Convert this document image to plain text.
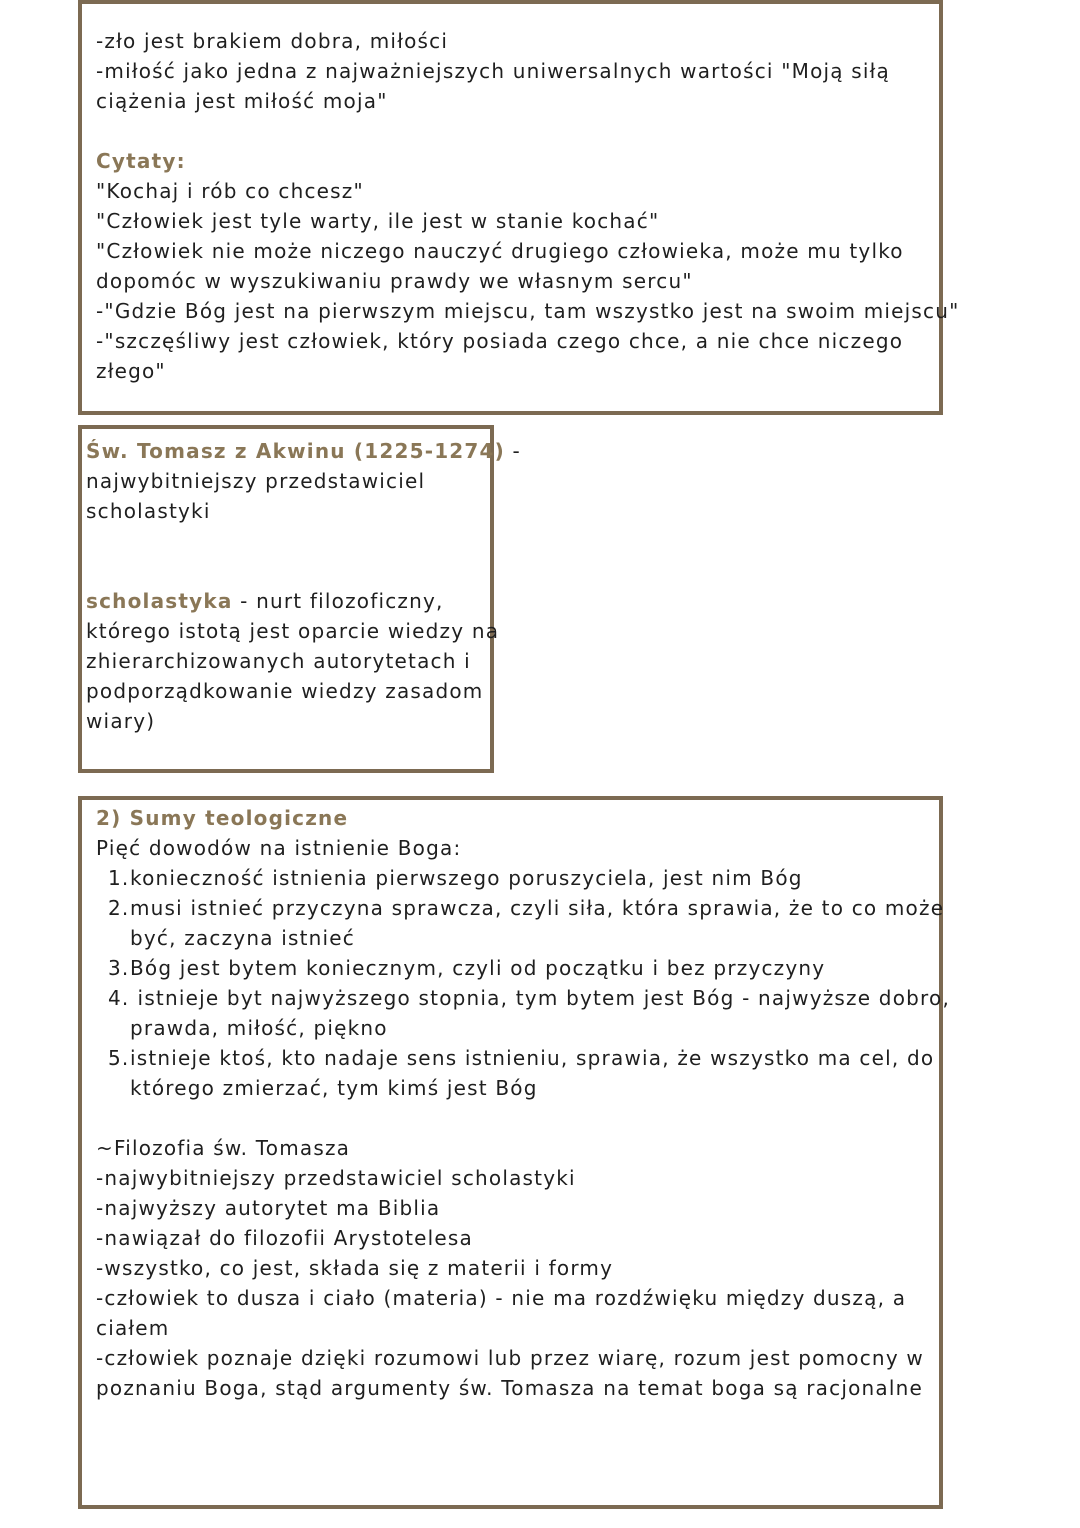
-zło jest brakiem dobra, miłości
-miłość jako jedna z najważniejszych uniwersalnych wartości "Moją siłą
ciążenia jest miłość moja"
Cytaty:
"Kochaj i rób co chcesz"
"Człowiek jest tyle warty, ile jest w stanie kochać"
"Człowiek nie może niczego nauczyć drugiego człowieka, może mu tylko
dopomóc w wyszukiwaniu prawdy we własnym sercu"
-"Gdzie Bóg jest na pierwszym miejscu, tam wszystko jest na swoim miejscu"
-"szczęśliwy jest człowiek, który posiada czego chce, a nie chce niczego
złego"
Św. Tomasz z Akwinu (1225-1274) -
najwybitniejszy przedstawiciel
scholastyki
scholastyka - nurt filozoficzny,
którego istotą jest oparcie wiedzy na
zhierarchizowanych autorytetach i
podporządkowanie wiedzy zasadom
wiary)
2) Sumy teologiczne
Pięć dowodów na istnienie Boga:
1.konieczność istnienia pierwszego poruszyciela, jest nim Bóg
2.musi istnieć przyczyna sprawcza, czyli siła, która sprawia, że to co może
być, zaczyna istnieć
3.Bóg jest bytem koniecznym, czyli od początku i bez przyczyny
4. istnieje byt najwyższego stopnia, tym bytem jest Bóg - najwyższe dobro,
prawda, miłość, piękno
5.istnieje ktoś, kto nadaje sens istnieniu, sprawia, że wszystko ma cel, do
którego zmierzać, tym kimś jest Bóg
~Filozofia św. Tomasza
-najwybitniejszy przedstawiciel scholastyki
-najwyższy autorytet ma Biblia
-nawiązał do filozofii Arystotelesa
-wszystko, co jest, składa się z materii i formy
-człowiek to dusza i ciało (materia) - nie ma rozdźwięku między duszą, a
ciałem
-człowiek poznaje dzięki rozumowi lub przez wiarę, rozum jest pomocny w
poznaniu Boga, stąd argumenty św. Tomasza na temat boga są racjonalne
